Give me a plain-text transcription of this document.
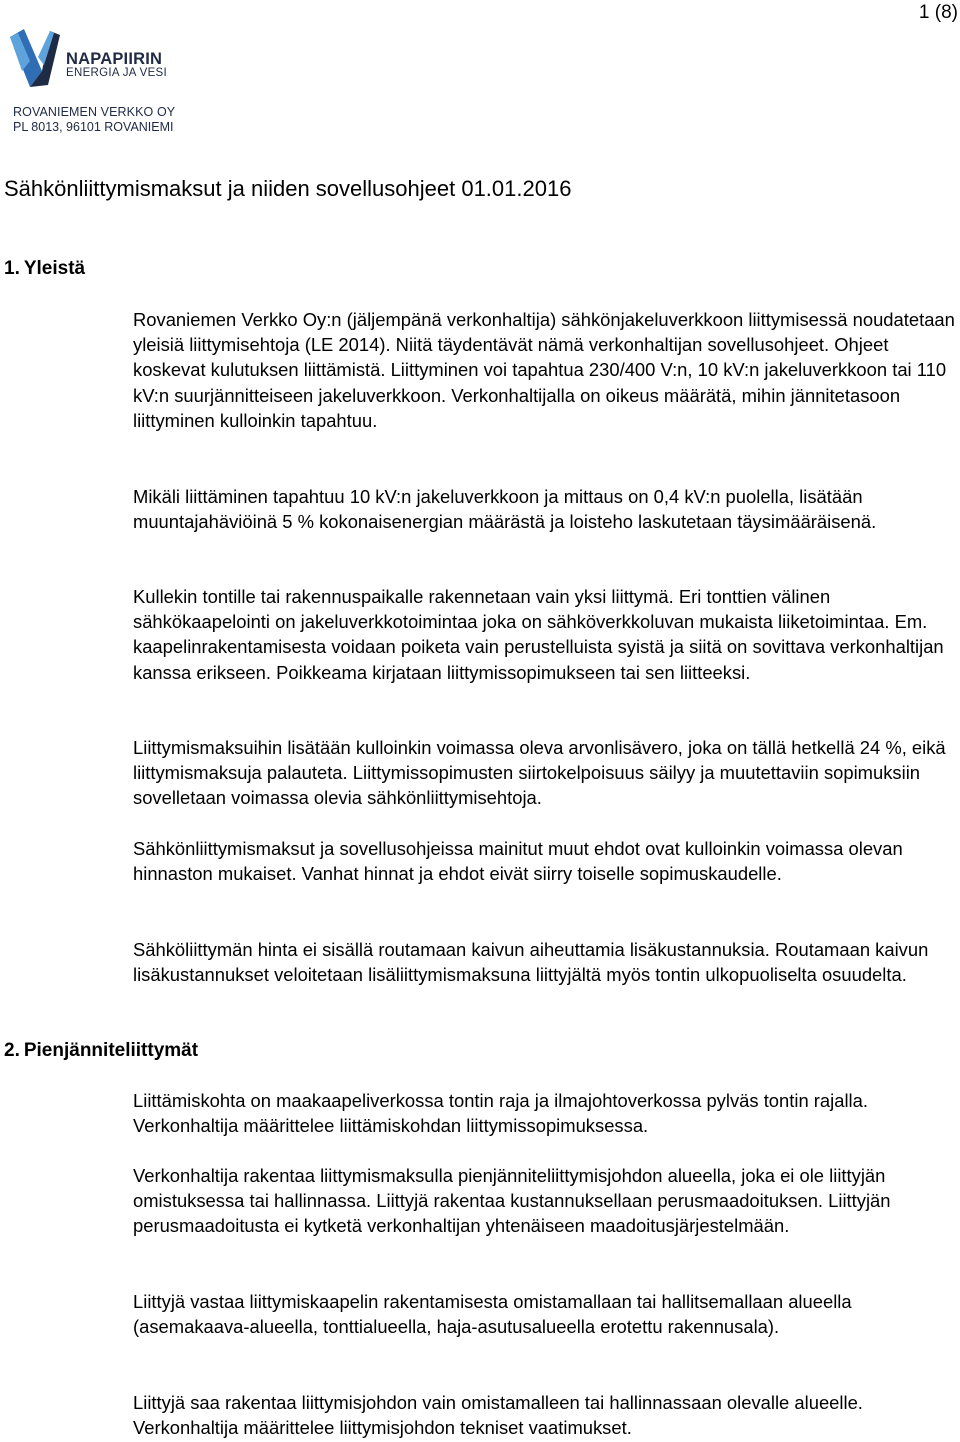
1 (8)
NAPAPIIRIN
ENERGIA JA VESI
ROVANIEMEN VERKKO OY
PL 8013, 96101 ROVANIEMI
Sähkönliittymismaksut ja niiden sovellusohjeet 01.01.2016
1. Yleistä

Rovaniemen Verkko Oy:n (jäljempänä verkonhaltija) sähkönjakeluverkkoon liittymisessä noudatetaan yleisiä liittymisehtoja (LE 2014). Niitä täydentävät nämä verkonhaltijan sovellusohjeet. Ohjeet koskevat kulutuksen liittämistä. Liittyminen voi tapahtua 230/400 V:n, 10 kV:n jakeluverkkoon tai 110 kV:n suurjännitteiseen jakeluverkkoon. Verkonhaltijalla on oikeus määrätä, mihin jännitetasoon liittyminen kulloinkin tapahtuu.

Mikäli liittäminen tapahtuu 10 kV:n jakeluverkkoon ja mittaus on 0,4 kV:n puolella, lisätään muuntajahäviöinä 5 % kokonaisenergian määrästä ja loisteho laskutetaan täysimääräisenä.

Kullekin tontille tai rakennuspaikalle rakennetaan vain yksi liittymä. Eri tonttien välinen sähkökaapelointi on jakeluverkkotoimintaa joka on sähköverkkoluvan mukaista liiketoimintaa. Em. kaapelinrakentamisesta voidaan poiketa vain perustelluista syistä ja siitä on sovittava verkonhaltijan kanssa erikseen. Poikkeama kirjataan liittymissopimukseen tai sen liitteeksi.

Liittymismaksuihin lisätään kulloinkin voimassa oleva arvonlisävero, joka on tällä hetkellä 24 %, eikä liittymismaksuja palauteta. Liittymissopimusten siirtokelpoisuus säilyy ja muutettaviin sopimuksiin sovelletaan voimassa olevia sähkönliittymisehtoja.

Sähkönliittymismaksut ja sovellusohjeissa mainitut muut ehdot ovat kulloinkin voimassa olevan hinnaston mukaiset. Vanhat hinnat ja ehdot eivät siirry toiselle sopimuskaudelle.

Sähköliittymän hinta ei sisällä routamaan kaivun aiheuttamia lisäkustannuksia. Routamaan kaivun lisäkustannukset veloitetaan lisäliittymismaksuna liittyjältä myös tontin ulkopuoliselta osuudelta.

2. Pienjänniteliittymät

Liittämiskohta on maakaapeliverkossa tontin raja ja ilmajohtoverkossa pylväs tontin rajalla. Verkonhaltija määrittelee liittämiskohdan liittymissopimuksessa.

Verkonhaltija rakentaa liittymismaksulla pienjänniteliittymisjohdon alueella, joka ei ole liittyjän omistuksessa tai hallinnassa. Liittyjä rakentaa kustannuksellaan perusmaadoituksen. Liittyjän perusmaadoitusta ei kytketä verkonhaltijan yhtenäiseen maadoitusjärjestelmään.

Liittyjä vastaa liittymiskaapelin rakentamisesta omistamallaan tai hallitsemallaan alueella (asemakaava-alueella, tonttialueella, haja-asutusalueella erotettu rakennusala).

Liittyjä saa rakentaa liittymisjohdon vain omistamalleen tai hallinnassaan olevalle alueelle. Verkonhaltija määrittelee liittymisjohdon tekniset vaatimukset.
